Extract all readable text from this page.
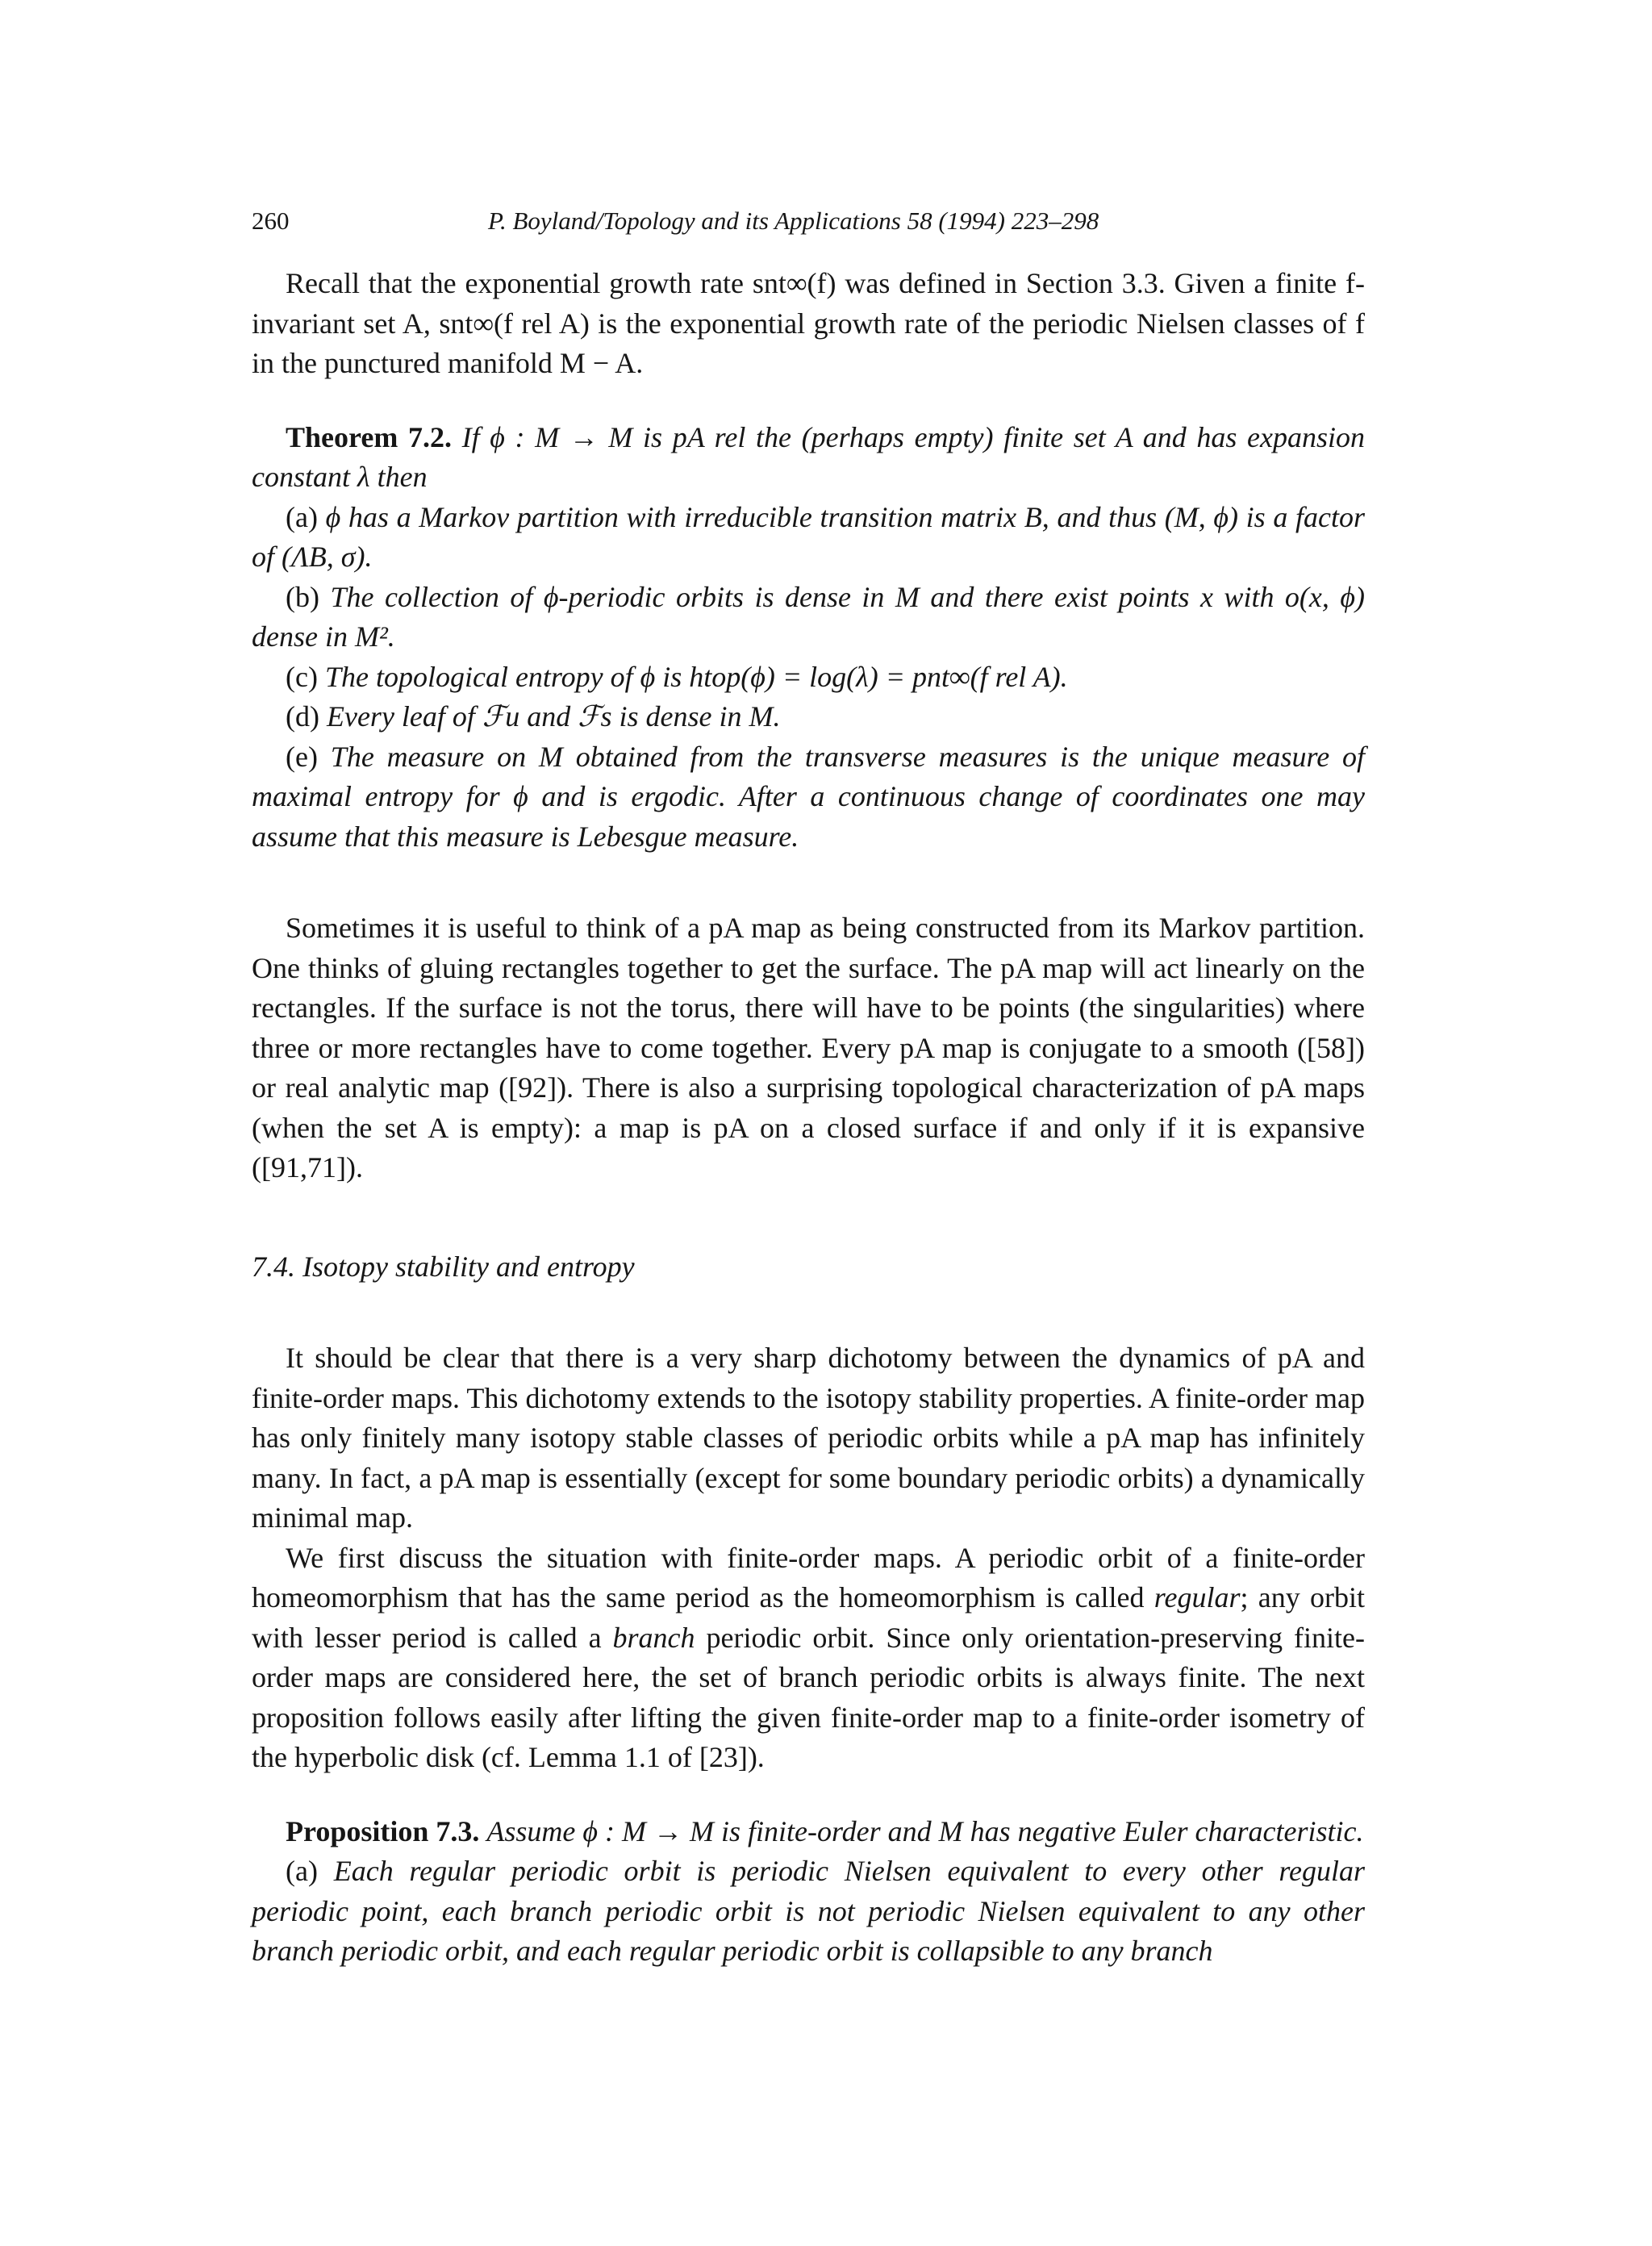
260	P. Boyland/Topology and its Applications 58 (1994) 223–298

Recall that the exponential growth rate snt∞(f) was defined in Section 3.3. Given a finite f-invariant set A, snt∞(f rel A) is the exponential growth rate of the periodic Nielsen classes of f in the punctured manifold M − A.

Theorem 7.2. If ϕ : M → M is pA rel the (perhaps empty) finite set A and has expansion constant λ then

(a) ϕ has a Markov partition with irreducible transition matrix B, and thus (M, ϕ) is a factor of (ΛB, σ).

(b) The collection of ϕ-periodic orbits is dense in M and there exist points x with o(x, ϕ) dense in M².

(c) The topological entropy of ϕ is htop(ϕ) = log(λ) = pnt∞(f rel A).

(d) Every leaf of ℱu and ℱs is dense in M.

(e) The measure on M obtained from the transverse measures is the unique measure of maximal entropy for ϕ and is ergodic. After a continuous change of coordinates one may assume that this measure is Lebesgue measure.

Sometimes it is useful to think of a pA map as being constructed from its Markov partition. One thinks of gluing rectangles together to get the surface. The pA map will act linearly on the rectangles. If the surface is not the torus, there will have to be points (the singularities) where three or more rectangles have to come together. Every pA map is conjugate to a smooth ([58]) or real analytic map ([92]). There is also a surprising topological characterization of pA maps (when the set A is empty): a map is pA on a closed surface if and only if it is expansive ([91,71]).

7.4. Isotopy stability and entropy

It should be clear that there is a very sharp dichotomy between the dynamics of pA and finite-order maps. This dichotomy extends to the isotopy stability properties. A finite-order map has only finitely many isotopy stable classes of periodic orbits while a pA map has infinitely many. In fact, a pA map is essentially (except for some boundary periodic orbits) a dynamically minimal map.

We first discuss the situation with finite-order maps. A periodic orbit of a finite-order homeomorphism that has the same period as the homeomorphism is called regular; any orbit with lesser period is called a branch periodic orbit. Since only orientation-preserving finite-order maps are considered here, the set of branch periodic orbits is always finite. The next proposition follows easily after lifting the given finite-order map to a finite-order isometry of the hyperbolic disk (cf. Lemma 1.1 of [23]).

Proposition 7.3. Assume ϕ : M → M is finite-order and M has negative Euler characteristic.

(a) Each regular periodic orbit is periodic Nielsen equivalent to every other regular periodic point, each branch periodic orbit is not periodic Nielsen equivalent to any other branch periodic orbit, and each regular periodic orbit is collapsible to any branch
